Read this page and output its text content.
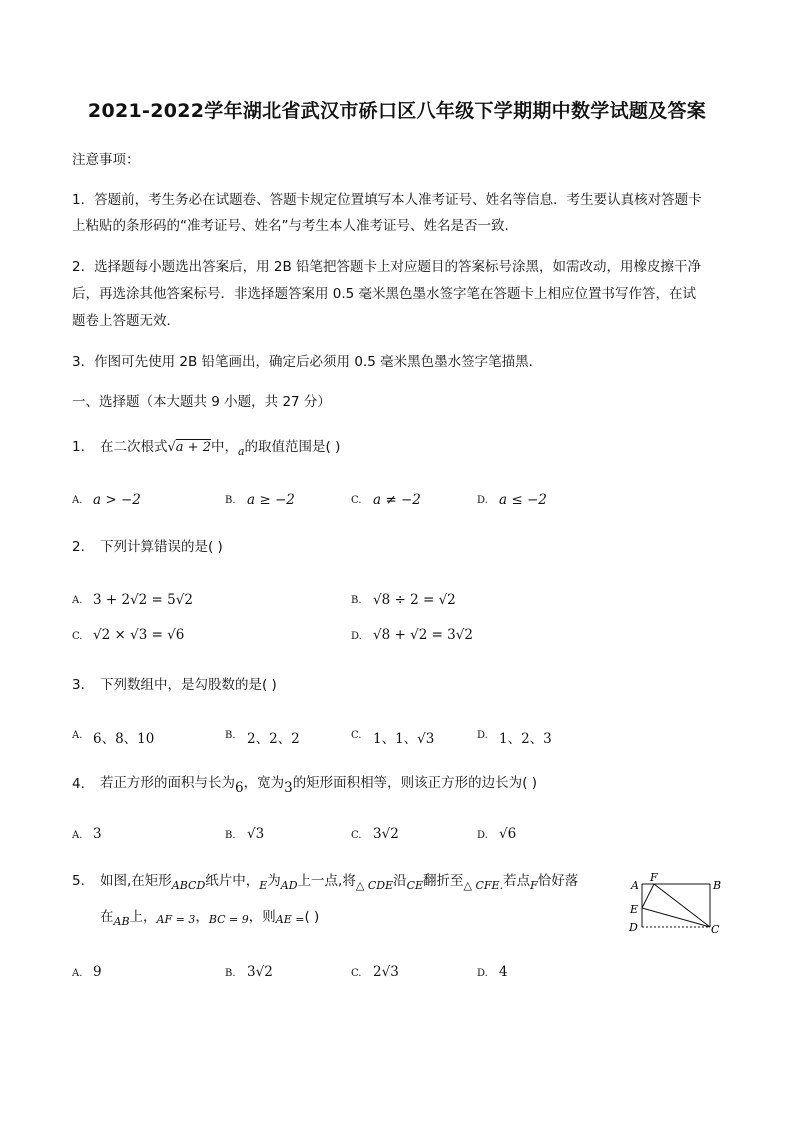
2021-2022学年湖北省武汉市硚口区八年级下学期期中数学试题及答案
注意事项：
1．答题前，考生务必在试题卷、答题卡规定位置填写本人准考证号、姓名等信息．考生要认真核对答题卡
上粘贴的条形码的“准考证号、姓名”与考生本人准考证号、姓名是否一致．
2．选择题每小题选出答案后，用 2B 铅笔把答题卡上对应题目的答案标号涂黑，如需改动，用橡皮擦干净
后，再选涂其他答案标号．非选择题答案用 0.5 毫米黑色墨水签字笔在答题卡上相应位置书写作答，在试
题卷上答题无效．
3．作图可先使用 2B 铅笔画出，确定后必须用 0.5 毫米黑色墨水签字笔描黑．
一、选择题（本大题共 9 小题，共 27 分）
1. 在二次根式√a + 2中，$_a$的取值范围是( )
A. a > −2	B. a ≥ −2	C. a ≠ −2	D. a ≤ −2
2. 下列计算错误的是( )
A. 3 + 2√2 = 5√2	B. √8 ÷ 2 = √2
C. √2 × √3 = √6	D. √8 + √2 = 3√2
3. 下列数组中，是勾股数的是( )
A. 6、8、10	B. 2、2、2	C. 1、1、√3	D. 1、2、3
4. 若正方形的面积与长为6，宽为3的矩形面积相等，则该正方形的边长为( )
A. 3	B. √3	C. 3√2	D. √6
5. 如图,在矩形$_{ABCD}$纸片中，$_E$为$_{AD}$上一点,将$_{\triangle CDE}$沿$_{CE}$翻折至$_{\triangle CFE.}$若点$_F$恰好落
在$_{AB}$上，AF = 3，BC = 9，则AE =( )
A
F
B
E
D	C
A. 9	B. 3√2	C. 2√3	D. 4
